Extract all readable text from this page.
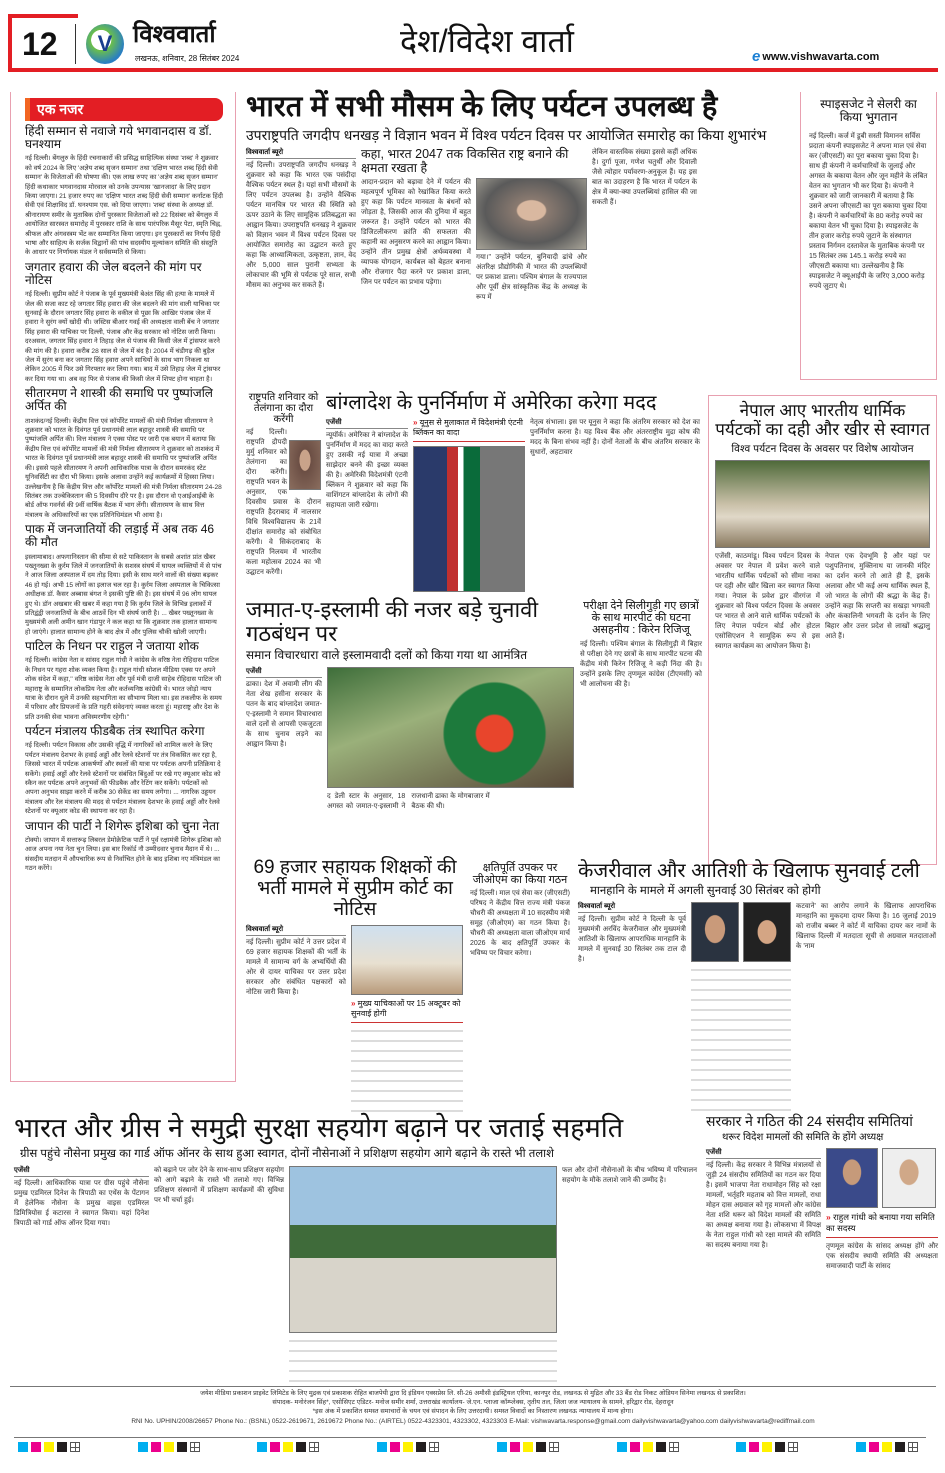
12	V विश्ववार्ता
लखनऊ, शनिवार, 28 सितंबर 2024	देश/विदेश वार्ता	e www.vishwavarta.com
एक नजर
हिंदी सम्मान से नवाजे गये भगवानदास व डॉ. घनश्याम
नई दिल्ली। बेंगलुरु के हिंदी रचनाकारों की प्रसिद्ध साहित्यिक संस्था 'शब्द' ने शुक्रवार को वर्ष 2024 के लिए 'अज्ञेय शब्द सृजन सम्मान' तथा 'दक्षिण भारत शब्द हिंदी सेवी सम्मान' के विजेताओं की घोषणा की। एक लाख रुपए का 'अज्ञेय शब्द सृजन सम्मान' हिंदी कथाकार भगवानदास मोरवाल को उनके उपन्यास 'खानजादा' के लिए प्रदान किया जाएगा। 21 हजार रुपए का 'दक्षिण भारत शब्द हिंदी सेवी सम्मान' कर्नाटक हिंदी सेवी एवं शिक्षाविद डॉ. घनश्याम एस. को दिया जाएगा। 'शब्द' संस्था के अध्यक्ष डॉ. श्रीनारायण समीर के मुताबिक दोनों पुरस्कार विजेताओं को 22 दिसंबर को बेंगलुरु में आयोजित सारस्वत समारोह में पुरस्कार राशि के साथ पारंपरिक मैसूर पेटा, स्मृति चिह्न, श्रीफल और अंगवस्त्रम भेंट कर सम्मानित किया जाएगा। इन पुरस्कारों का निर्णय हिंदी भाषा और साहित्य के सर्जक विद्वानों की पांच सदस्यीय मूल्यांकन समिति की संस्तुति के आधार पर निर्णायक मंडल ने सर्वसम्मति से किया।
जगतार हवारा की जेल बदलने की मांग पर नोटिस
नई दिल्ली। सुप्रीम कोर्ट ने पंजाब के पूर्व मुख्यमंत्री बेअंत सिंह की हत्या के मामले में जेल की सजा काट रहे जगतार सिंह हवारा की जेल बदलने की मांग वाली याचिका पर सुनवाई के दौरान जगतार सिंह हवारा के वकील से पूछा कि आखिर पंजाब जेल में हवारा ने सुरंग क्यों खोदी थी। जस्टिस बीआर गवई की अध्यक्षता वाली बेंच ने जगतार सिंह हवारा की याचिका पर दिल्ली, पंजाब और केंद्र सरकार को नोटिस जारी किया। दरअसल, जगतार सिंह हवारा ने तिहाड़ जेल से पंजाब की किसी जेल में ट्रांसफर करने की मांग की है। हवारा करीब 28 साल से जेल में बंद है। 2004 में चंडीगढ़ की बुड़ैल जेल में सुरंग बना कर जगतार सिंह हवारा अपने साथियों के साथ भाग निकला था लेकिन 2005 में फिर उसे गिरफ्तार कर लिया गया। बाद में उसे तिहाड़ जेल में ट्रांसफर कर दिया गया था। अब वह फिर से पंजाब की किसी जेल में शिफ्ट होना चाहता है।
सीतारमण ने शास्त्री की समाधि पर पुष्पांजलि अर्पित की
ताशकंद/नई दिल्ली। केंद्रीय वित्त एवं कॉर्पोरेट मामलों की मंत्री निर्मला सीतारमण ने शुक्रवार को भारत के दिवंगत पूर्व प्रधानमंत्री लाल बहादुर शास्त्री की समाधि पर पुष्पांजलि अर्पित की। वित्त मंत्रालय ने एक्स पोस्ट पर जारी एक बयान में बताया कि केंद्रीय वित्त एवं कॉर्पोरेट मामलों की मंत्री निर्मला सीतारमण ने शुक्रवार को ताशकंद में भारत के दिवंगत पूर्व प्रधानमंत्री लाल बहादुर शास्त्री की समाधि पर पुष्पांजलि अर्पित की। इससे पहले सीतारमण ने अपनी आधिकारिक यात्रा के दौरान समरकंद स्टेट यूनिवर्सिटी का दौरा भी किया। इसके अलावा उन्होंने कई कार्यक्रमों में हिस्सा लिया। उल्लेखनीय है कि केंद्रीय वित्त और कॉर्पोरेट मामलों की मंत्री निर्मला सीतारमण 24-28 सितंबर तक उज्बेकिस्तान की 5 दिवसीय दौरे पर है। इस दौरान वो एआईआईबी के बोर्ड ऑफ गवर्नर्स की 9वीं वार्षिक बैठक में भाग लेंगी। सीतारमण के साथ वित्त मंत्रालय के अधिकारियों का एक प्रतिनिधिमंडल भी आया है।
पाक में जनजातियों की लड़ाई में अब तक 46 की मौत
इस्लामाबाद। अफगानिस्तान की सीमा से सटे पाकिस्तान के सबसे अशांत प्रांत खैबर पख्तूनख्वा के कुर्रम जिले में जनजातियों के सशस्त्र संघर्ष में घायल व्यक्तियों में से पांच ने आज जिला अस्पताल में दम तोड़ दिया। इसी के साथ मरने वालों की संख्या बढ़कर 46 हो गई। अभी 15 लोगों का इलाज चल रहा है। कुर्रम जिला अस्पताल के चिकित्सा अधीक्षक डॉ. कैसर अब्बास बंगश ने इसकी पुष्टि की है। इस संघर्ष में 96 लोग घायल हुए थे। डॉन अखबार की खबर में कहा गया है कि कुर्रम जिले के विभिन्न इलाकों में प्रतिद्वंद्वी जनजातियों के बीच आठवें दिन भी संघर्ष जारी है। ... खैबर पख्तूनख्वा के मुख्यमंत्री अली अमीन खान गंडापुर ने कल कहा था कि शुक्रवार तक हालात सामान्य हो जाएंगे। हालात सामान्य होने के बाद क्षेत्र में और पुलिस चौकी खोली जाएगी।
पाटिल के निधन पर राहुल ने जताया शोक
नई दिल्ली। कांग्रेस नेता व सांसद राहुल गांधी ने कांग्रेस के वरिष्ठ नेता रोहिदास पाटिल के निधन पर गहरा शोक व्यक्त किया है। राहुल गांधी सोशल मीडिया एक्स पर अपने शोक संदेश में कहा,'' वरिष्ठ कांग्रेस नेता और पूर्व मंत्री दाजी साहेब रोहिदास पाटिल जी महाराष्ट्र के सम्मानित लोकप्रिय नेता और कर्तव्यनिष्ठ कांग्रेसी थे। भारत जोड़ो न्याय यात्रा के दौरान धुले में उनकी सहभागिता का सौभाग्य मिला था। इस तकलीफ के समय में परिवार और प्रियजनों के प्रति गहरी संवेदनाएं व्यक्त करता हूं। महाराष्ट्र और देश के प्रति उनकी सेवा भावना अविस्मरणीय रहेगी।''
पर्यटन मंत्रालय फीडबैक तंत्र स्थापित करेगा
नई दिल्ली। पर्यटन विकास और उसकी वृद्धि में नागरिकों को शामिल करने के लिए पर्यटन मंत्रालय देशभर के हवाई अड्डों और रेलवे स्टेशनों पर तंत्र विकसित कर रहा है, जिससे भारत में पर्यटक आकर्षणों और स्थलों की यात्रा पर पर्यटक अपनी प्रतिक्रिया दे सकेंगे। हवाई अड्डों और रेलवे स्टेशनों पर संबंधित बिंदुओं पर रखे गए क्यूआर कोड को स्कैन कर पर्यटक अपने अनुभवों की फीडबैक और रेटिंग कर सकेंगे। पर्यटकों को अपना अनुभव साझा करने में करीब 30 सेकेंड का समय लगेगा। ... नागरिक उड्डयन मंत्रालय और रेल मंत्रालय की मदद से पर्यटन मंत्रालय देशभर के हवाई अड्डों और रेलवे स्टेशनों पर क्यूआर कोड की स्थापना कर रहा है।
जापान की पार्टी ने शिगेरू इशिबा को चुना नेता
टोक्यो। जापान में सत्तारूढ़ लिबरल डेमोक्रेटिक पार्टी ने पूर्व रक्षामंत्री शिगेरू इशिबा को आज अपना नया नेता चुन लिया। इस बार रिकॉर्ड नौ उम्मीदवार चुनाव मैदान में थे। ... संसदीय मतदान में औपचारिक रूप से निर्वाचित होने के बाद इशिबा नए मंत्रिमंडल का गठन करेंगे।
भारत में सभी मौसम के लिए पर्यटन उपलब्ध है
उपराष्ट्रपति जगदीप धनखड़ ने विज्ञान भवन में विश्व पर्यटन दिवस पर आयोजित समारोह का किया शुभारंभ
विश्ववार्ता ब्यूरो
नई दिल्ली। उपराष्ट्रपति जगदीप धनखड़ ने शुक्रवार को कहा कि भारत एक पसंदीदा वैश्विक पर्यटन स्थल है। यहां सभी मौसमों के लिए पर्यटन उपलब्ध है। उन्होंने वैश्विक पर्यटन मानचित्र पर भारत की स्थिति को ऊपर उठाने के लिए सामूहिक प्रतिबद्धता का आह्वान किया। उपराष्ट्रपति धनखड़ ने शुक्रवार को विज्ञान भवन में विश्व पर्यटन दिवस पर आयोजित समारोह का उद्घाटन करते हुए कहा कि आध्यात्मिकता, उत्कृष्टता, ज्ञान, वेद और 5,000 साल पुरानी सभ्यता के लोकाचार की भूमि से पर्यटक पूरे साल, सभी मौसम का अनुभव कर सकते हैं।
कहा, भारत 2047 तक विकसित राष्ट्र बनाने की क्षमता रखता है
आदान-प्रदान को बढ़ावा देने में पर्यटन की महत्वपूर्ण भूमिका को रेखांकित किया करते हुए कहा कि पर्यटन मानवता के बंधनों को जोड़ता है, जिसकी आज की दुनिया में बहुत जरूरत है। उन्होंने पर्यटन को भारत की डिजिटलीकरण क्रांति की सफलता की कहानी का अनुसरण करने का आह्वान किया। उन्होंने तीन प्रमुख क्षेत्रों अर्थव्यवस्था में व्यापक योगदान, कार्यबल को बेहतर बनाना और रोजगार पैदा करने पर प्रकाश डाला, जिन पर पर्यटन का प्रभाव पड़ेगा।
गया।" उन्होंने पर्यटन, बुनियादी ढांचे और अंतरिक्ष प्रौद्योगिकी में भारत की उपलब्धियों पर प्रकाश डाला। पश्चिम बंगाल के राज्यपाल और पूर्वी क्षेत्र सांस्कृतिक केंद्र के अध्यक्ष के रूप में
लेकिन वास्तविक संख्या इससे कहीं अधिक है। दुर्गा पूजा, गणेश चतुर्थी और दिवाली जैसे त्योहार पर्यावरण-अनुकूल हैं। यह इस बात का उदाहरण है कि भारत में पर्यटन के क्षेत्र में क्या-क्या उपलब्धियां हासिल की जा सकती हैं।
स्पाइसजेट ने सेलरी का किया भुगतान
नई दिल्ली। कर्ज में डूबी सस्ती विमानन सर्विस प्रदाता कंपनी स्पाइसजेट ने अपना माल एवं सेवा कर (जीएसटी) का पूरा बकाया चुका दिया है। साथ ही कंपनी ने कर्मचारियों के जुलाई और अगस्त के बकाया वेतन और जून महीने के लंबित वेतन का भुगतान भी कर दिया है। कंपनी ने शुक्रवार को जारी जानकारी में बताया है कि उसने अपना जीएसटी का पूरा बकाया चुका दिया है। कंपनी ने कर्मचारियों के 80 करोड़ रुपये का बकाया वेतन भी चुका दिया है। स्पाइसजेट के तीन हजार करोड़ रुपये जुटाने के संस्थागत प्रस्ताव निर्गमन दस्तावेज के मुताबिक कंपनी पर 15 सितंबर तक 145.1 करोड़ रुपये का जीएसटी बकाया था। उल्लेखनीय है कि स्पाइसजेट ने क्यूआईपी के जरिए 3,000 करोड़ रुपये जुटाए थे।
राष्ट्रपति शनिवार को तेलंगाना का दौरा करेंगी
नई दिल्ली। राष्ट्रपति द्रौपदी मुर्मु शनिवार को तेलंगाना का दौरा करेंगी। राष्ट्रपति भवन के अनुसार, एक दिवसीय प्रवास के दौरान राष्ट्रपति हैदराबाद में नालसार विधि विश्वविद्यालय के 21वें दीक्षांत समारोह को संबोधित करेंगी। वे सिकंदराबाद के राष्ट्रपति निलयम में भारतीय कला महोत्सव 2024 का भी उद्घाटन करेंगी।
बांग्लादेश के पुनर्निर्माण में अमेरिका करेगा मदद
एजेंसी
न्यूयॉर्क। अमेरिका ने बांग्लादेश के पुनर्निर्माण में मदद का वादा करते हुए उसकी नई यात्रा में अच्छा साझेदार बनने की इच्छा व्यक्त की है। अमेरिकी विदेशमंत्री एंटनी ब्लिंकन ने शुक्रवार को कहा कि वाशिंगटन बांग्लादेश के लोगों की सहायता जारी रखेगा।
» यूनुस से मुलाकात में विदेशमंत्री एंटनी ब्लिंकन का वादा
नेतृत्व संभाला। इस पर यूनुस ने कहा कि अंतरिम सरकार को देश का पुनर्निर्माण करना है। यह विश्व बैंक और अंतरराष्ट्रीय मुद्रा कोष की मदद के बिना संभव नहीं है। दोनों नेताओं के बीच अंतरिम सरकार के सुधारों, अहटावार
नेपाल आए भारतीय धार्मिक पर्यटकों का दही और खीर से स्वागत
विश्व पर्यटन दिवस के अवसर पर विशेष आयोजन
एजेंसी, काठमांडू। विश्व पर्यटन दिवस के अवसर पर नेपाल में प्रवेश करने वाले भारतीय धार्मिक पर्यटकों को सीमा नाका पर दही और खीर खिला कर स्वागत किया गया। नेपाल के प्रवेश द्वार वीरगंज में शुक्रवार को विश्व पर्यटन दिवस के अवसर पर भारत से आने वाले धार्मिक पर्यटकों के लिए नेपाल पर्यटन बोर्ड और होटल एसोसिएशन ने सामूहिक रूप से इस स्वागत कार्यक्रम का आयोजन किया है।
नेपाल एक देवभूमि है और यहां पर पशुपतिनाथ, मुक्तिनाथ या जानकी मंदिर का दर्शन करने तो आते ही हैं, इसके अलावा और भी कई अन्य धार्मिक स्थल हैं, जो भारत के लोगों की श्रद्धा के केंद्र हैं। उन्होंने कहा कि सप्तरी का सखड़ा भगवती और कंकालिनी भगवती के दर्शन के लिए बिहार और उत्तर प्रदेश से लाखों श्रद्धालु आते हैं।
जमात-ए-इस्लामी की नजर बड़े चुनावी गठबंधन पर
समान विचारधारा वाले इस्लामवादी दलों को किया गया था आमंत्रित
एजेंसी
ढाका। देश में अवामी लीग की नेता शेख हसीना सरकार के पतन के बाद बांग्लादेश जमात-ए-इस्लामी ने समान विचारधारा वाले दलों से आपसी एकजुटता के साथ चुनाव लड़ने का आह्वान किया है।
द डेली स्टार के अनुसार, 18 अगस्त को जमात-ए-इस्लामी ने राजधानी ढाका के मोगबाजार में बैठक की थी।
परीक्षा देने सिलीगुड़ी गए छात्रों के साथ मारपीट की घटना असहनीय : किरेन रिजिजू
नई दिल्ली। पश्चिम बंगाल के सिलीगुड़ी में बिहार से परीक्षा देने गए छात्रों के साथ मारपीट घटना की केंद्रीय मंत्री किरेन रिजिजू ने कड़ी निंदा की है। उन्होंने इसके लिए तृणमूल कांग्रेस (टीएमसी) को भी आलोचना की है।
69 हजार सहायक शिक्षकों की भर्ती मामले में सुप्रीम कोर्ट का नोटिस
विश्ववार्ता ब्यूरो
नई दिल्ली। सुप्रीम कोर्ट ने उत्तर प्रदेश में 69 हजार सहायक शिक्षकों की भर्ती के मामले में सामान्य वर्ग के अभ्यर्थियों की ओर से दायर याचिका पर उत्तर प्रदेश सरकार और संबंधित पक्षकारों को नोटिस जारी किया है।
» मुख्य याचिकाओं पर 15 अक्टूबर को सुनवाई होगी
क्षतिपूर्ति उपकर पर जीओएम का किया गठन
नई दिल्ली। माल एवं सेवा कर (जीएसटी) परिषद ने केंद्रीय वित्त राज्य मंत्री पंकज चौधरी की अध्यक्षता में 10 सदस्यीय मंत्री समूह (जीओएम) का गठन किया है। चौधरी की अध्यक्षता वाला जीओएम मार्च 2026 के बाद क्षतिपूर्ति उपकर के भविष्य पर विचार करेगा।
केजरीवाल और आतिशी के खिलाफ सुनवाई टली
मानहानि के मामले में अगली सुनवाई 30 सितंबर को होगी
विश्ववार्ता ब्यूरो
नई दिल्ली। सुप्रीम कोर्ट ने दिल्ली के पूर्व मुख्यमंत्री अरविंद केजरीवाल और मुख्यमंत्री आतिशी के खिलाफ आपराधिक मानहानि के मामले में सुनवाई 30 सितंबर तक टाल दी है।
कटवाने' का आरोप लगाने के खिलाफ आपराधिक मानहानि का मुकदमा दायर किया है। 16 जुलाई 2019 को राजीव बब्बर ने कोर्ट में याचिका दायर कर नामों के खिलाफ दिल्ली में मतदाता सूची से अग्रवाल मतदाताओं के 'नाम
भारत और ग्रीस ने समुद्री सुरक्षा सहयोग बढ़ाने पर जताई सहमति
ग्रीस पहुंचे नौसेना प्रमुख का गार्ड ऑफ ऑनर के साथ हुआ स्वागत, दोनों नौसेनाओं ने प्रशिक्षण सहयोग आगे बढ़ाने के रास्ते भी तलाशे
एजेंसी
नई दिल्ली। आधिकारिक यात्रा पर ग्रीस पहुंचे नौसेना प्रमुख एडमिरल दिनेश के त्रिपाठी का एथेंस के पेंटागन में हेलेनिक नौसेना के प्रमुख वाइस एडमिरल डिमित्रियोस ई कटारस ने स्वागत किया। यहां दिनेश त्रिपाठी को गार्ड ऑफ ऑनर दिया गया।
को बढ़ाने पर जोर देने के साथ-साथ प्रशिक्षण सहयोग को आगे बढ़ाने के रास्ते भी तलाशे गए। विभिन्न प्रशिक्षण संस्थानों में प्रशिक्षण कार्यक्रमों की सुविधा पर भी चर्चा हुई।
फल और दोनों नौसेनाओं के बीच भविष्य में परिचालन सहयोग के मौके तलाशे जाने की उम्मीद है।
सरकार ने गठित की 24 संसदीय समितियां
थरूर विदेश मामलों की समिति के होंगे अध्यक्ष
एजेंसी
नई दिल्ली। केंद्र सरकार ने विभिन्न मंत्रालयों से जुड़ी 24 संसदीय समितियों का गठन कर दिया है। इसमें भाजपा नेता राधामोहन सिंह को रक्षा मामलों, भर्तृहरि महताब को वित्त मामलों, राधा मोहन दास अग्रवाल को गृह मामलों और कांग्रेस नेता शशि थरूर को विदेश मामलों की समिति का अध्यक्ष बनाया गया है। लोकसभा में विपक्ष के नेता राहुल गांधी को रक्षा मामले की समिति का सदस्य बनाया गया है।
» राहुल गांधी को बनाया गया समिति का सदस्य
तृणमूल कांग्रेस के सांसद अध्यक्ष होंगे और एक संसदीय स्थायी समिति की अध्यक्षता समाजवादी पार्टी के सांसद
जयेश मीडिया प्रकाशन प्राइवेट लिमिटेड के लिए मुद्रक एवं प्रकाशक रोहित बाजपेयी द्वारा दि इंडियन एक्सप्रेस लि. सी-26 अमौसी इंडस्ट्रियल एरिया, कानपुर रोड, लखनऊ से मुद्रित और 33 बैंड रोड निकट ओडियन सिनेमा लखनऊ से प्रकाशित।
संपादक- मनोरंजन सिंह*, एसोसिएट एडिटर- मनोज समीर शर्मा, उत्तराखंड कार्यालय- जे.एन. प्लाजा कॉम्प्लेक्स, तृतीय तल, जिला जज न्यायालय के सामने, हरिद्वार रोड, देहरादून
*इस अंक में प्रकाशित समस्त समाचारों के चयन एवं संपादन के लिए उत्तरदायी। समस्त विवादों का निस्तारण लखनऊ न्यायालय में मान्य होगा।
RNI No. UPHIN/2008/26657 Phone No.: (BSNL) 0522-2619671, 2619672 Phone No.: (AIRTEL) 0522-4323301, 4323302, 4323303 E-Mail: vishwavarta.response@gmail.com dailyvishwavarta@yahoo.com dailyvishwavarta@rediffmail.com
